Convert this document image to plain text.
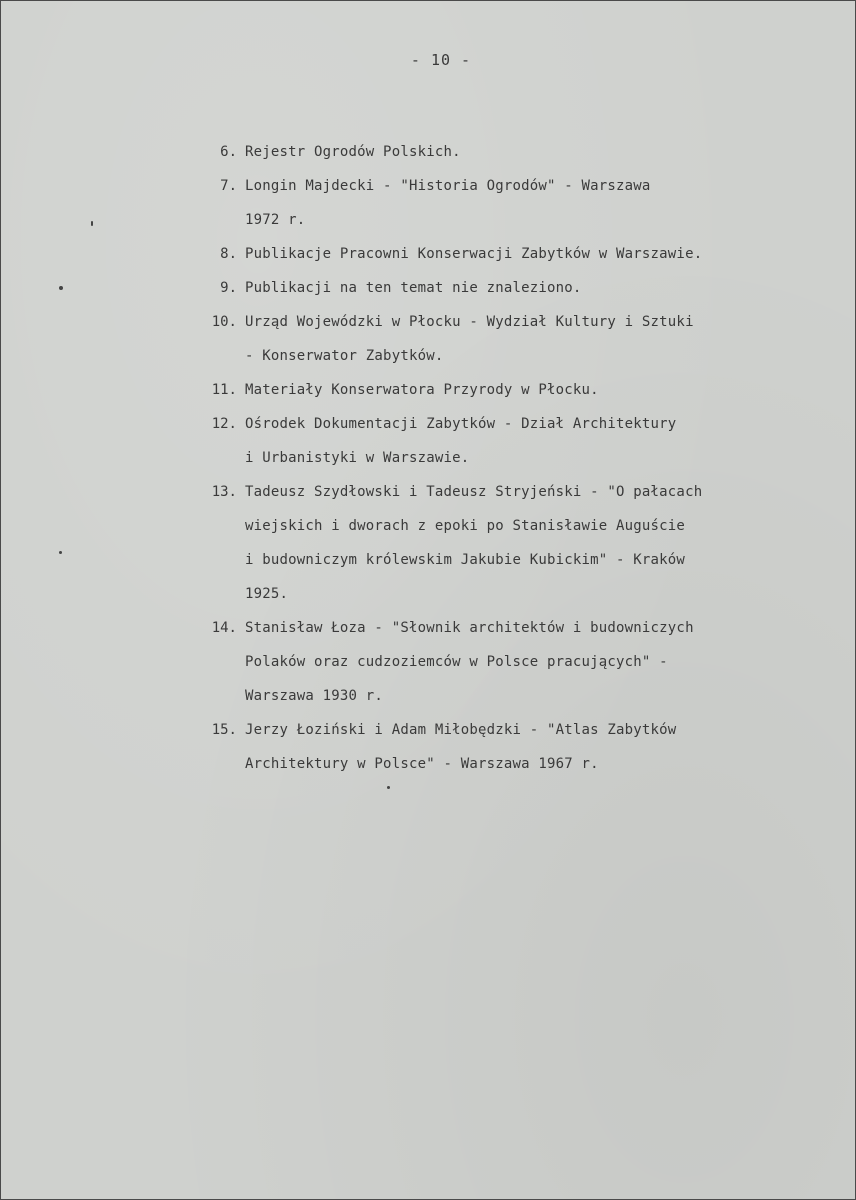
- 10 -
6. Rejestr Ogrodów Polskich.
7. Longin Majdecki - "Historia Ogrodów" - Warszawa
1972 r.
8. Publikacje Pracowni Konserwacji Zabytków w Warszawie.
9. Publikacji na ten temat nie znaleziono.
10. Urząd Wojewódzki w Płocku - Wydział Kultury i Sztuki
- Konserwator Zabytków.
11. Materiały Konserwatora Przyrody w Płocku.
12. Ośrodek Dokumentacji Zabytków - Dział Architektury
i Urbanistyki w Warszawie.
13. Tadeusz Szydłowski i Tadeusz Stryjeński - "O pałacach
wiejskich i dworach z epoki po Stanisławie Auguście
i budowniczym królewskim Jakubie Kubickim" - Kraków
1925.
14. Stanisław Łoza - "Słownik architektów i budowniczych
Polaków oraz cudzoziemców w Polsce pracujących" -
Warszawa 1930 r.
15. Jerzy Łoziński i Adam Miłobędzki - "Atlas Zabytków
Architektury w Polsce" - Warszawa 1967 r.
